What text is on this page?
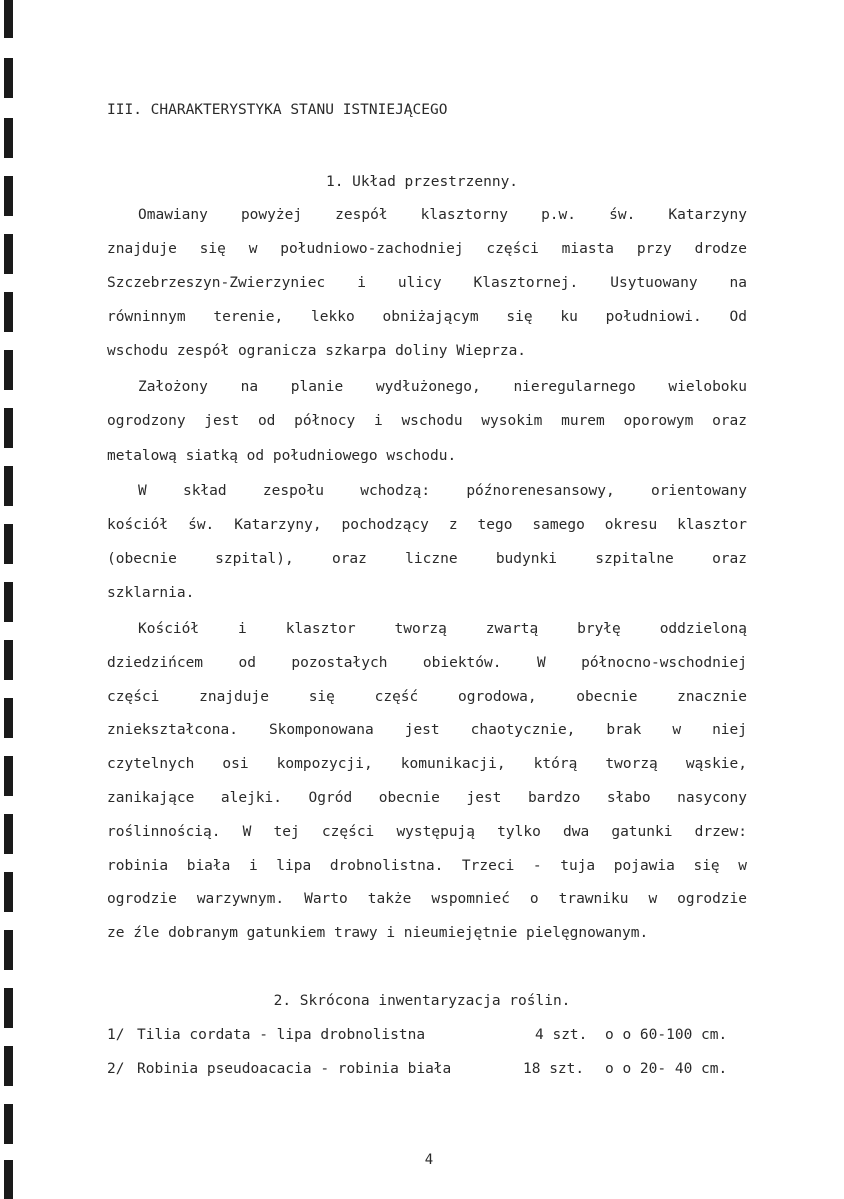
III. CHARAKTERYSTYKA STANU ISTNIEJĄCEGO
1. Układ przestrzenny.
Omawiany powyżej zespół klasztorny p.w. św. Katarzyny
znajduje się w południowo-zachodniej części miasta przy drodze
Szczebrzeszyn-Zwierzyniec i ulicy Klasztornej. Usytuowany na
równinnym terenie, lekko obniżającym się ku południowi. Od
wschodu zespół ogranicza szkarpa doliny Wieprza.
Założony na planie wydłużonego, nieregularnego wieloboku
ogrodzony jest od północy i wschodu wysokim murem oporowym oraz
metalową siatką od południowego wschodu.
W skład zespołu wchodzą: późnorenesansowy, orientowany
kościół św. Katarzyny, pochodzący z tego samego okresu klasztor
(obecnie szpital), oraz liczne budynki szpitalne oraz
szklarnia.
Kościół i klasztor tworzą zwartą bryłę oddzieloną
dziedzińcem od pozostałych obiektów. W północno-wschodniej
części znajduje się część ogrodowa, obecnie znacznie
zniekształcona. Skomponowana jest chaotycznie, brak w niej
czytelnych osi kompozycji, komunikacji, którą tworzą wąskie,
zanikające alejki. Ogród obecnie jest bardzo słabo nasycony
roślinnością. W tej części występują tylko dwa gatunki drzew:
robinia biała i lipa drobnolistna. Trzeci - tuja pojawia się w
ogrodzie warzywnym. Warto także wspomnieć o trawniku w ogrodzie
ze źle dobranym gatunkiem trawy i nieumiejętnie pielęgnowanym.
2. Skrócona inwentaryzacja roślin.
1/ Tilia cordata - lipa drobnolistna	4 szt. o o 60-100 cm.
2/ Robinia pseudoacacia - robinia biała	18 szt. o o 20- 40 cm.
4
